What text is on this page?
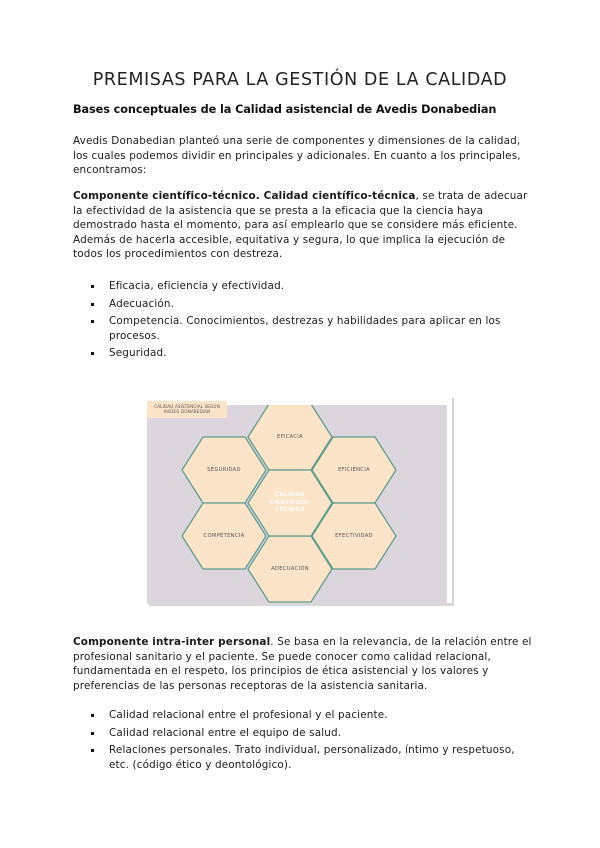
PREMISAS PARA LA GESTIÓN DE LA CALIDAD
Bases conceptuales de la Calidad asistencial de Avedis Donabedian
Avedis Donabedian planteó una serie de componentes y dimensiones de la calidad, los cuales podemos dividir en principales y adicionales. En cuanto a los principales, encontramos:
Componente científico-técnico. Calidad científico-técnica, se trata de adecuar la efectividad de la asistencia que se presta a la eficacia que la ciencia haya demostrado hasta el momento, para así emplearlo que se considere más eficiente. Además de hacerla accesible, equitativa y segura, lo que implica la ejecución de todos los procedimientos con destreza.
Eficacia, eficiencia y efectividad.
Adecuación.
Competencia. Conocimientos, destrezas y habilidades para aplicar en los procesos.
Seguridad.
CALIDAD ASISTENCIAL SEGÚN
AVEDIS DONABEDIAN
EFICACIA
SEGURIDAD	EFICIENCIA
COMPETENCIA	EFECTIVIDAD
ADECUACIÓN
CALIDAD
CIENTÍFICO-
TÉCNICA
Componente intra-inter personal. Se basa en la relevancia, de la relación entre el profesional sanitario y el paciente. Se puede conocer como calidad relacional, fundamentada en el respeto, los principios de ética asistencial y los valores y preferencias de las personas receptoras de la asistencia sanitaria.
Calidad relacional entre el profesional y el paciente.
Calidad relacional entre el equipo de salud.
Relaciones personales. Trato individual, personalizado, íntimo y respetuoso, etc. (código ético y deontológico).
